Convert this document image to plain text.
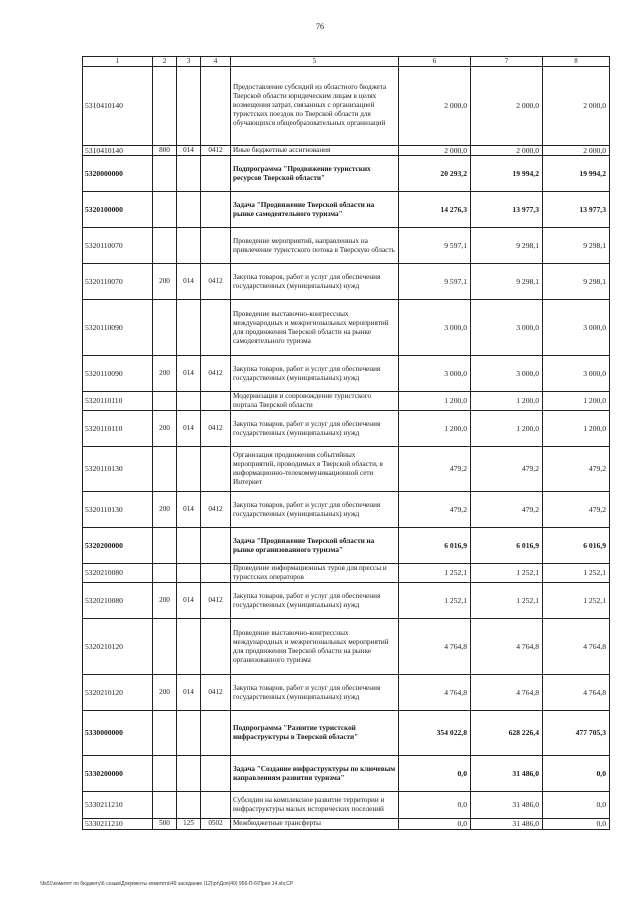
76
1	2	3	4	5	6	7	8
5310410140				Предоставление субсидий из областного бюджета Тверской области юридическим лицам в целях возмещения затрат, связанных с организацией туристских поездок по Тверской области для обучающихся общеобразовательных организаций	2 000,0	2 000,0	2 000,0
5310410140	800	014	0412	Иные бюджетные ассигнования	2 000,0	2 000,0	2 000,0
5320000000				Подпрограмма "Продвижение туристских ресурсов Тверской области"	20 293,2	19 994,2	19 994,2
5320100000				Задача "Продвижение Тверской области на рынке самодеятельного туризма"	14 276,3	13 977,3	13 977,3
5320110070				Проведение мероприятий, направленных на привлечение туристского потока в Тверскую область	9 597,1	9 298,1	9 298,1
5320110070	200	014	0412	Закупка товаров, работ и услуг для обеспечения государственных (муниципальных) нужд	9 597,1	9 298,1	9 298,1
5320110090				Проведение выставочно-конгрессных международных и межрегиональных мероприятий для продвижения Тверской области на рынке самодеятельного туризма	3 000,0	3 000,0	3 000,0
5320110090	200	014	0412	Закупка товаров, работ и услуг для обеспечения государственных (муниципальных) нужд	3 000,0	3 000,0	3 000,0
5320110110				Модернизация и сопровождение туристского портала Тверской области	1 200,0	1 200,0	1 200,0
5320110110	200	014	0412	Закупка товаров, работ и услуг для обеспечения государственных (муниципальных) нужд	1 200,0	1 200,0	1 200,0
5320110130				Организация продвижения событийных мероприятий, проводимых в Тверской области, в информационно-телекоммуникационной сети Интернет	479,2	479,2	479,2
5320110130	200	014	0412	Закупка товаров, работ и услуг для обеспечения государственных (муниципальных) нужд	479,2	479,2	479,2
5320200000				Задача "Продвижение Тверской области на рынке организованного туризма"	6 016,9	6 016,9	6 016,9
5320210080				Проведение информационных туров для прессы и туристских операторов	1 252,1	1 252,1	1 252,1
5320210080	200	014	0412	Закупка товаров, работ и услуг для обеспечения государственных (муниципальных) нужд	1 252,1	1 252,1	1 252,1
5320210120				Проведение выставочно-конгрессных международных и межрегиональных мероприятий для продвижения Тверской области на рынке организованного туризма	4 764,8	4 764,8	4 764,8
5320210120	200	014	0412	Закупка товаров, работ и услуг для обеспечения государственных (муниципальных) нужд	4 764,8	4 764,8	4 764,8
5330000000				Подпрограмма "Развитие туристской инфраструктуры в Тверской области"	354 022,8	628 226,4	477 705,3
5330200000				Задача "Создание инфраструктуры по ключевым направлениям развития туризма"	0,0	31 486,0	0,0
5330211210				Субсидии на комплексное развитие территории и инфраструктуры малых исторических поселений	0,0	31 486,0	0,0
5330211210	500	125	0502	Межбюджетные трансферты	0,0	31 486,0	0,0
\\fs01\комитет по бюджету\6 созыв\Документы комитета\49 заседание (12)\pr\Доп(49) 956-П-6\Прил 14.xls;CP
